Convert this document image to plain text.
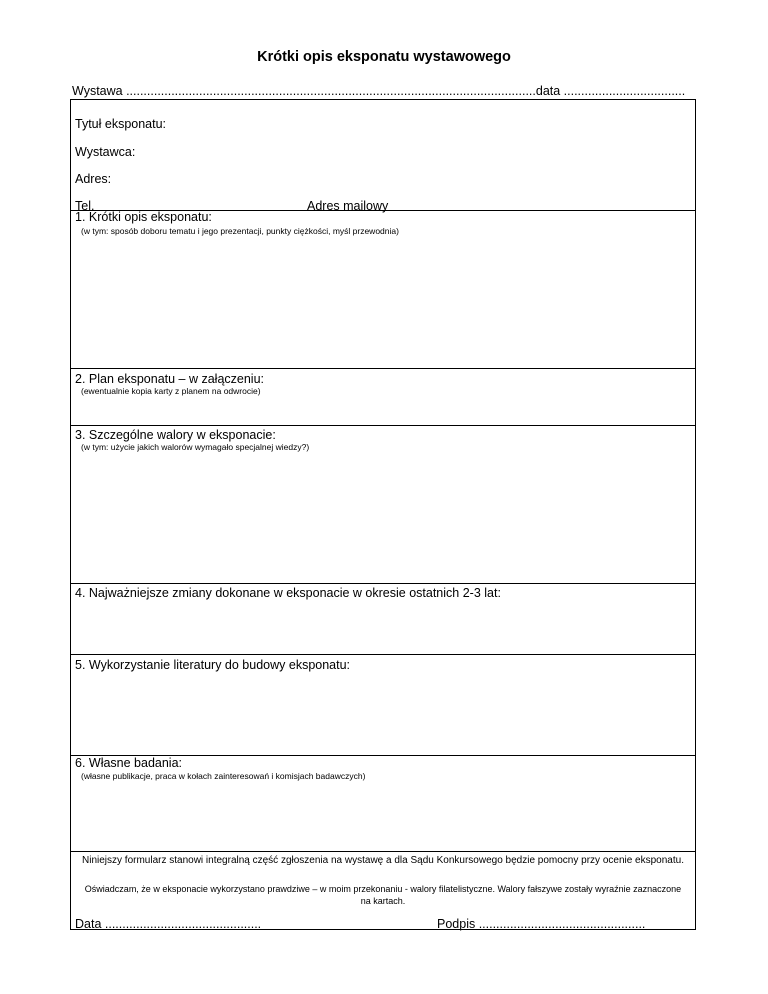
Krótki opis eksponatu wystawowego
Wystawa ......................................................................................................................data ...................................
Tytuł eksponatu:
Wystawca:
Adres:
Tel.	Adres mailowy
1. Krótki opis eksponatu:
(w tym: sposób doboru tematu i jego prezentacji, punkty ciężkości, myśl przewodnia)
2. Plan eksponatu – w załączeniu:
(ewentualnie kopia karty z planem na odwrocie)
3. Szczególne walory w eksponacie:
(w tym: użycie jakich walorów wymagało specjalnej wiedzy?)
4. Najważniejsze zmiany dokonane w eksponacie w okresie ostatnich 2-3 lat:
5. Wykorzystanie literatury do budowy eksponatu:
6. Własne badania:
(własne publikacje, praca w kołach zainteresowań i komisjach badawczych)
Niniejszy formularz stanowi integralną część zgłoszenia na wystawę a dla Sądu Konkursowego będzie pomocny przy ocenie eksponatu.
Oświadczam, że w eksponacie wykorzystano prawdziwe – w moim przekonaniu - walory filatelistyczne. Walory fałszywe zostały wyraźnie zaznaczone na kartach.
Data .............................................	Podpis ................................................
